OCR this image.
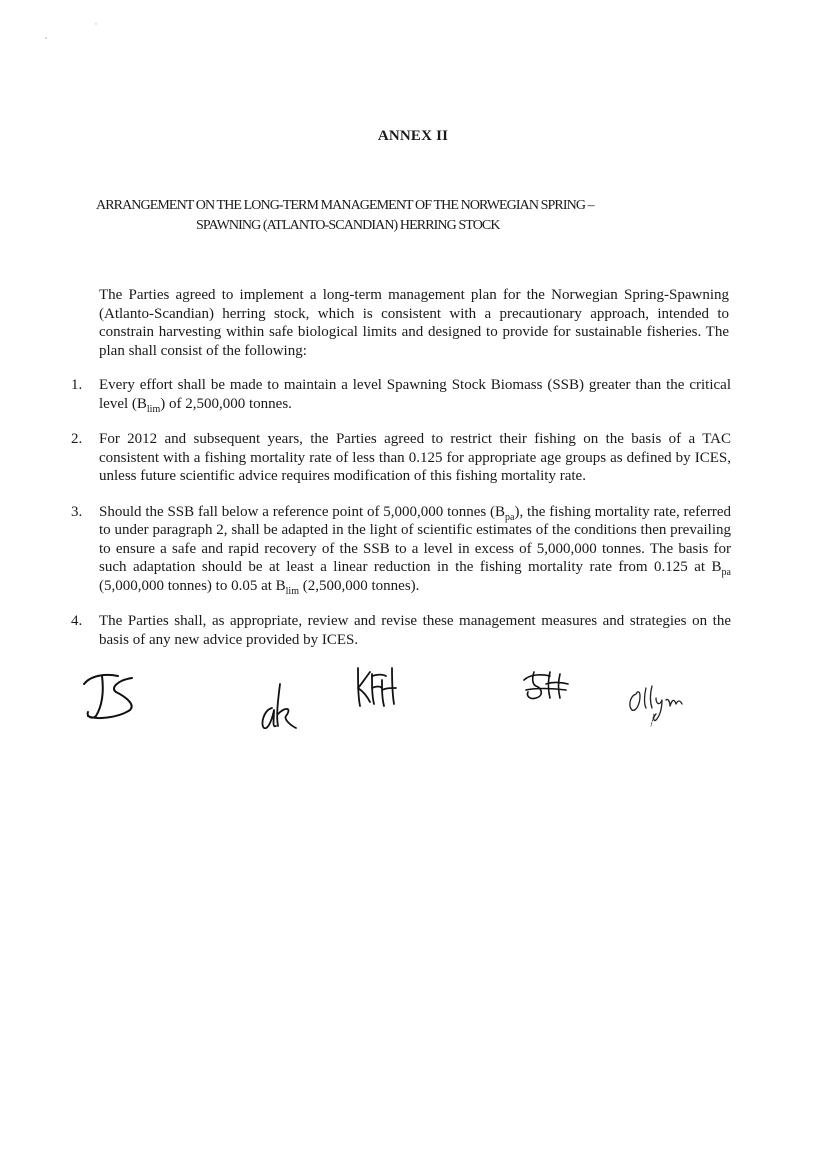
ANNEX II
ARRANGEMENT ON THE LONG-TERM MANAGEMENT OF THE NORWEGIAN SPRING –
SPAWNING (ATLANTO-SCANDIAN) HERRING STOCK
The Parties agreed to implement a long-term management plan for the Norwegian Spring-Spawning (Atlanto-Scandian) herring stock, which is consistent with a precautionary approach, intended to constrain harvesting within safe biological limits and designed to provide for sustainable fisheries. The plan shall consist of the following:
1.	Every effort shall be made to maintain a level Spawning Stock Biomass (SSB) greater than the critical level $(B_{lim})$ of 2,500,000 tonnes.
2.	For 2012 and subsequent years, the Parties agreed to restrict their fishing on the basis of a TAC consistent with a fishing mortality rate of less than 0.125 for appropriate age groups as defined by ICES, unless future scientific advice requires modification of this fishing mortality rate.
3.	Should the SSB fall below a reference point of 5,000,000 tonnes $(B_{pa})$, the fishing mortality rate, referred to under paragraph 2, shall be adapted in the light of scientific estimates of the conditions then prevailing to ensure a safe and rapid recovery of the SSB to a level in excess of 5,000,000 tonnes. The basis for such adaptation should be at least a linear reduction in the fishing mortality rate from 0.125 at $B_{pa}$ (5,000,000 tonnes) to 0.05 at $B_{lim}$ (2,500,000 tonnes).
4.	The Parties shall, as appropriate, review and revise these management measures and strategies on the basis of any new advice provided by ICES.
